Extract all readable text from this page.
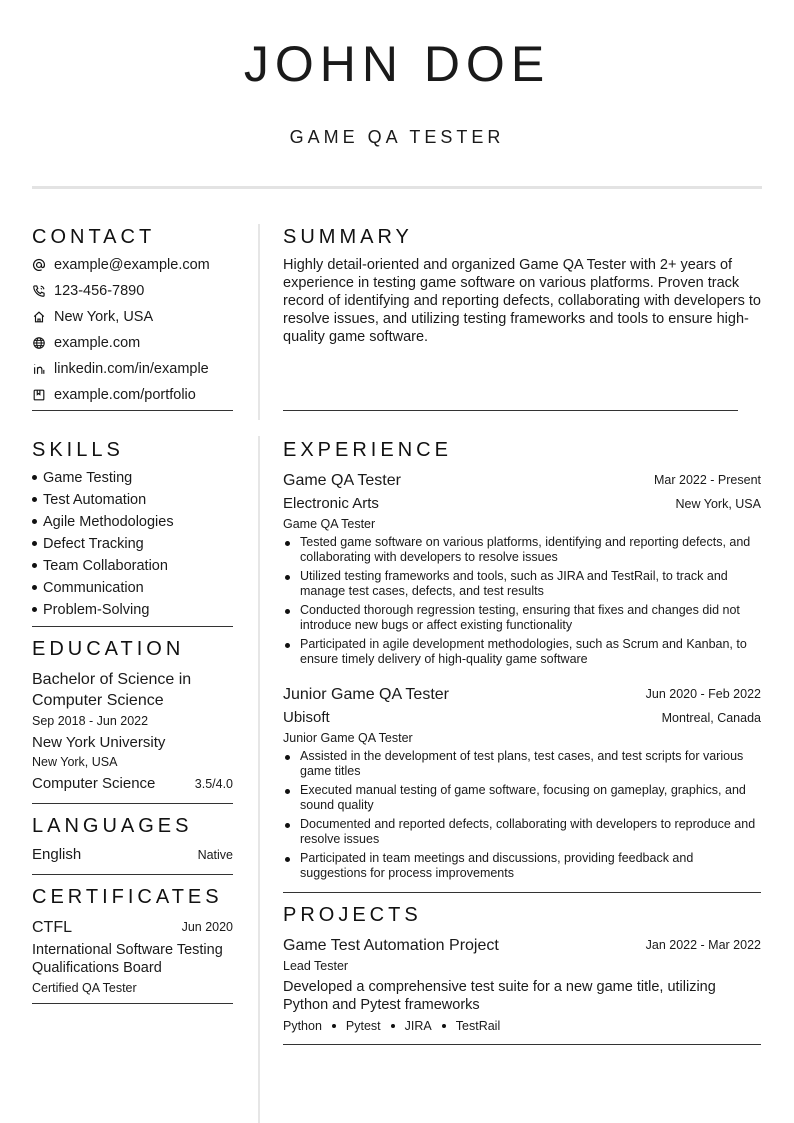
JOHN DOE
GAME QA TESTER
CONTACT
example@example.com
123-456-7890
New York, USA
example.com
linkedin.com/in/example
example.com/portfolio
SUMMARY
Highly detail-oriented and organized Game QA Tester with 2+ years of experience in testing game software on various platforms. Proven track record of identifying and reporting defects, collaborating with developers to resolve issues, and utilizing testing frameworks and tools to ensure high-quality game software.
SKILLS
Game Testing
Test Automation
Agile Methodologies
Defect Tracking
Team Collaboration
Communication
Problem-Solving
EDUCATION
Bachelor of Science in
Computer Science
Sep 2018 - Jun 2022
New York University
New York, USA
Computer Science	3.5/4.0
LANGUAGES
English	Native
CERTIFICATES
CTFL	Jun 2020
International Software Testing
Qualifications Board
Certified QA Tester
EXPERIENCE
Game QA Tester	Mar 2022 - Present
Electronic Arts	New York, USA
Game QA Tester
Tested game software on various platforms, identifying and reporting defects, and collaborating with developers to resolve issues
Utilized testing frameworks and tools, such as JIRA and TestRail, to track and manage test cases, defects, and test results
Conducted thorough regression testing, ensuring that fixes and changes did not introduce new bugs or affect existing functionality
Participated in agile development methodologies, such as Scrum and Kanban, to ensure timely delivery of high-quality game software
Junior Game QA Tester	Jun 2020 - Feb 2022
Ubisoft	Montreal, Canada
Junior Game QA Tester
Assisted in the development of test plans, test cases, and test scripts for various game titles
Executed manual testing of game software, focusing on gameplay, graphics, and sound quality
Documented and reported defects, collaborating with developers to reproduce and resolve issues
Participated in team meetings and discussions, providing feedback and suggestions for process improvements
PROJECTS
Game Test Automation Project	Jan 2022 - Mar 2022
Lead Tester
Developed a comprehensive test suite for a new game title, utilizing
Python and Pytest frameworks
Python Pytest JIRA TestRail
